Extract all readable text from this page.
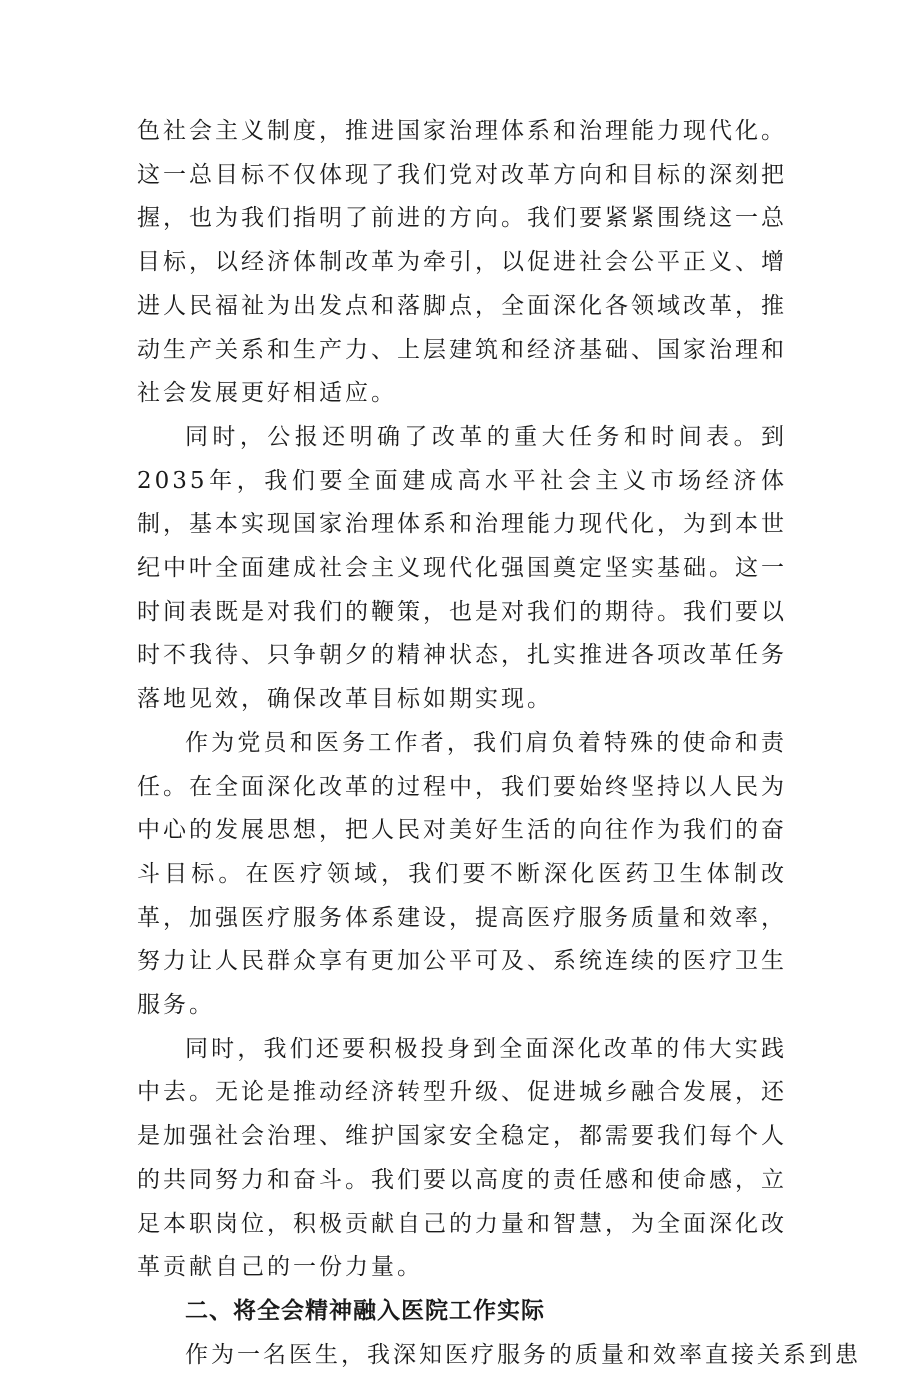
色社会主义制度，推进国家治理体系和治理能力现代化。这一总目标不仅体现了我们党对改革方向和目标的深刻把握，也为我们指明了前进的方向。我们要紧紧围绕这一总目标，以经济体制改革为牵引，以促进社会公平正义、增进人民福祉为出发点和落脚点，全面深化各领域改革，推动生产关系和生产力、上层建筑和经济基础、国家治理和社会发展更好相适应。

同时，公报还明确了改革的重大任务和时间表。到2035年，我们要全面建成高水平社会主义市场经济体制，基本实现国家治理体系和治理能力现代化，为到本世纪中叶全面建成社会主义现代化强国奠定坚实基础。这一时间表既是对我们的鞭策，也是对我们的期待。我们要以时不我待、只争朝夕的精神状态，扎实推进各项改革任务落地见效，确保改革目标如期实现。

作为党员和医务工作者，我们肩负着特殊的使命和责任。在全面深化改革的过程中，我们要始终坚持以人民为中心的发展思想，把人民对美好生活的向往作为我们的奋斗目标。在医疗领域，我们要不断深化医药卫生体制改革，加强医疗服务体系建设，提高医疗服务质量和效率，努力让人民群众享有更加公平可及、系统连续的医疗卫生服务。

同时，我们还要积极投身到全面深化改革的伟大实践中去。无论是推动经济转型升级、促进城乡融合发展，还是加强社会治理、维护国家安全稳定，都需要我们每个人的共同努力和奋斗。我们要以高度的责任感和使命感，立足本职岗位，积极贡献自己的力量和智慧，为全面深化改革贡献自己的一份力量。

二、将全会精神融入医院工作实际

作为一名医生，我深知医疗服务的质量和效率直接关系到患
